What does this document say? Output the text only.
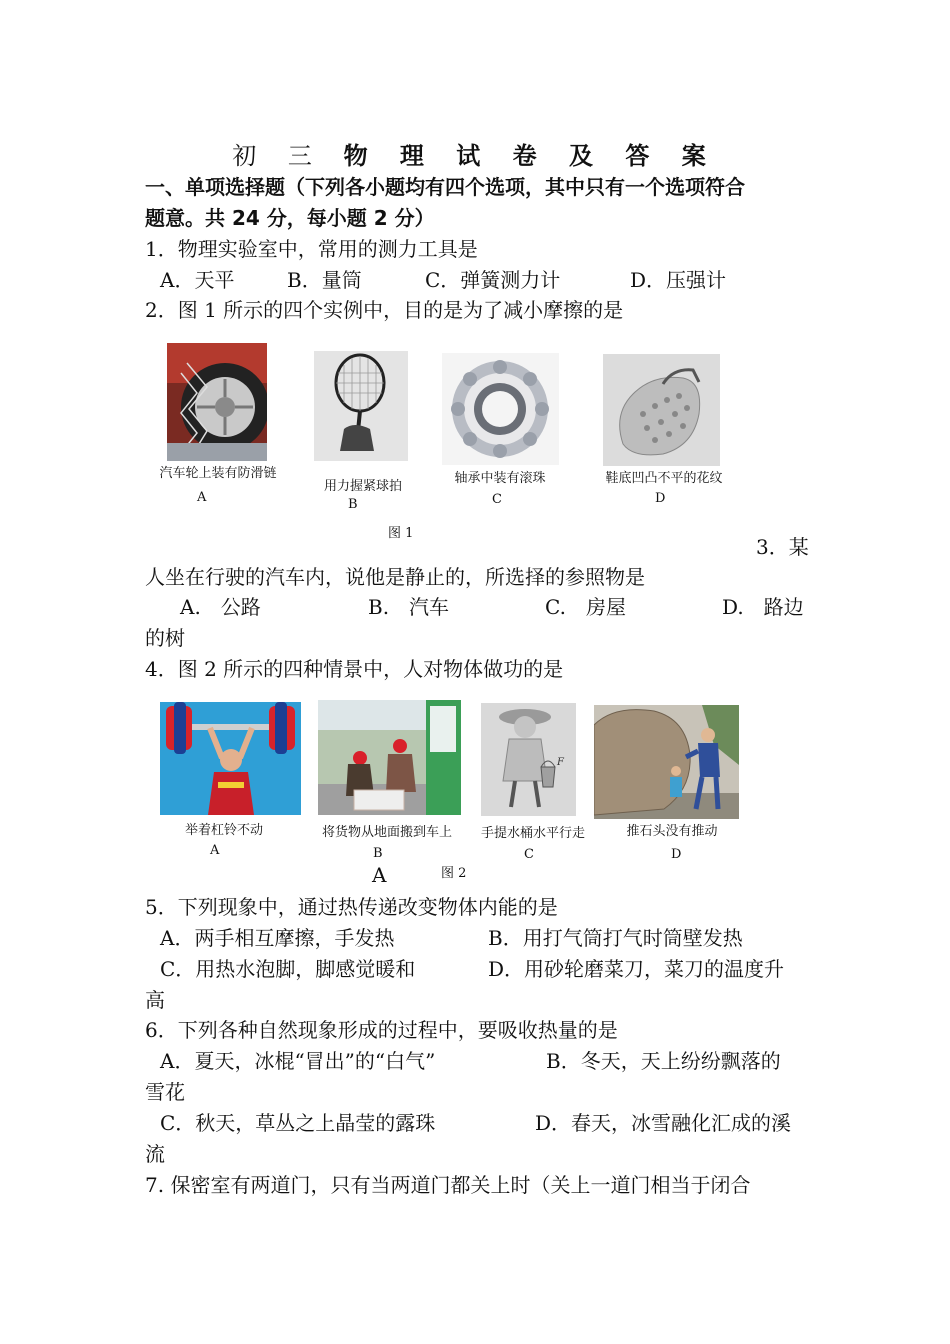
初 三 物 理 试 卷 及 答 案
一、单项选择题（下列各小题均有四个选项，其中只有一个选项符合
题意。共 24 分，每小题 2 分）
1．物理实验室中，常用的测力工具是
A．天平	B．量筒	C．弹簧测力计	D．压强计
2．图 1 所示的四个实例中，目的是为了减小摩擦的是
汽车轮上装有防滑链
A
用力握紧球拍
B
轴承中装有滚珠
C
鞋底凹凸不平的花纹
D
图 1
3．某
人坐在行驶的汽车内，说他是静止的，所选择的参照物是
A.　公路	B.　汽车	C.　房屋	D.　路边
的树
4．图 2 所示的四种情景中，人对物体做功的是
F
举着杠铃不动
A
将货物从地面搬到车上
B
A	图 2
手提水桶水平行走
C
推石头没有推动
D
5．下列现象中，通过热传递改变物体内能的是
A．两手相互摩擦，手发热	B．用打气筒打气时筒壁发热
C．用热水泡脚，脚感觉暖和	D．用砂轮磨菜刀，菜刀的温度升
高
6．下列各种自然现象形成的过程中，要吸收热量的是
A．夏天，冰棍“冒出”的“白气”	B．冬天，天上纷纷飘落的
雪花
C．秋天，草丛之上晶莹的露珠	D．春天，冰雪融化汇成的溪
流
7. 保密室有两道门，只有当两道门都关上时（关上一道门相当于闭合
